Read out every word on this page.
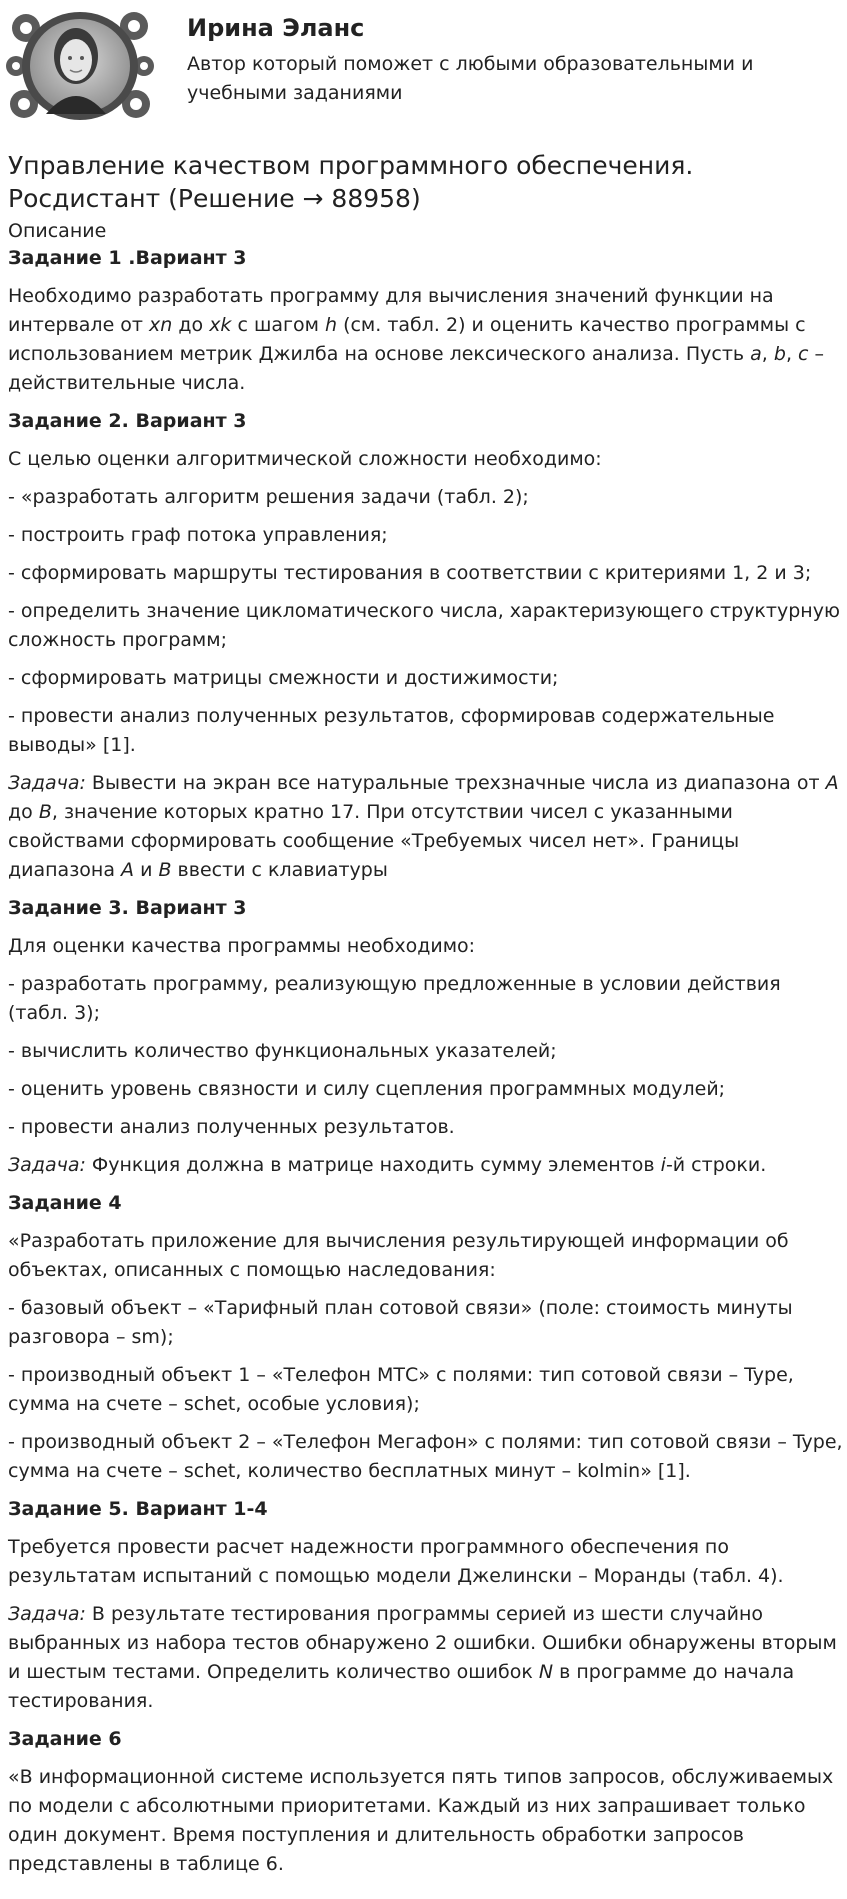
Ирина Эланс
Автор который поможет с любыми образовательными и учебными заданиями
Управление качеством программного обеспечения. Росдистант (Решение → 88958)
Описание

Задание 1 .Вариант 3

Необходимо разработать программу для вычисления значений функции на интервале от xn до xk с шагом h (см. табл. 2) и оценить качество программы с использованием метрик Джилба на основе лексического анализа. Пусть a, b, c – действительные числа.

Задание 2. Вариант 3

С целью оценки алгоритмической сложности необходимо:

- «разработать алгоритм решения задачи (табл. 2);

- построить граф потока управления;

- сформировать маршруты тестирования в соответствии с критериями 1, 2 и 3;

- определить значение цикломатического числа, характеризующего структурную сложность программ;

- сформировать матрицы смежности и достижимости;

- провести анализ полученных результатов, сформировав содержательные выводы» [1].

Задача: Вывести на экран все натуральные трехзначные числа из диапазона от A до B, значение которых кратно 17. При отсутствии чисел с указанными свойствами сформировать сообщение «Требуемых чисел нет». Границы диапазона A и B ввести с клавиатуры

Задание 3. Вариант 3

Для оценки качества программы необходимо:

- разработать программу, реализующую предложенные в условии действия (табл. 3);

- вычислить количество функциональных указателей;

- оценить уровень связности и силу сцепления программных модулей;

- провести анализ полученных результатов.

Задача: Функция должна в матрице находить сумму элементов i-й строки.

Задание 4

«Разработать приложение для вычисления результирующей информации об объектах, описанных с помощью наследования:

- базовый объект – «Тарифный план сотовой связи» (поле: стоимость минуты разговора – sm);

- производный объект 1 – «Телефон МТС» с полями: тип сотовой связи – Type, сумма на счете – schet, особые условия);

- производный объект 2 – «Телефон Мегафон» с полями: тип сотовой связи – Type, сумма на счете – schet, количество бесплатных минут – kolmin» [1].

Задание 5. Вариант 1-4

Требуется провести расчет надежности программного обеспечения по результатам испытаний с помощью модели Джелински – Моранды (табл. 4).

Задача: В результате тестирования программы серией из шести случайно выбранных из набора тестов обнаружено 2 ошибки. Ошибки обнаружены вторым и шестым тестами. Определить количество ошибок N в программе до начала тестирования.

Задание 6

«В информационной системе используется пять типов запросов, обслуживаемых по модели с абсолютными приоритетами. Каждый из них запрашивает только один документ. Время поступления и длительность обработки запросов представлены в таблице 6.
